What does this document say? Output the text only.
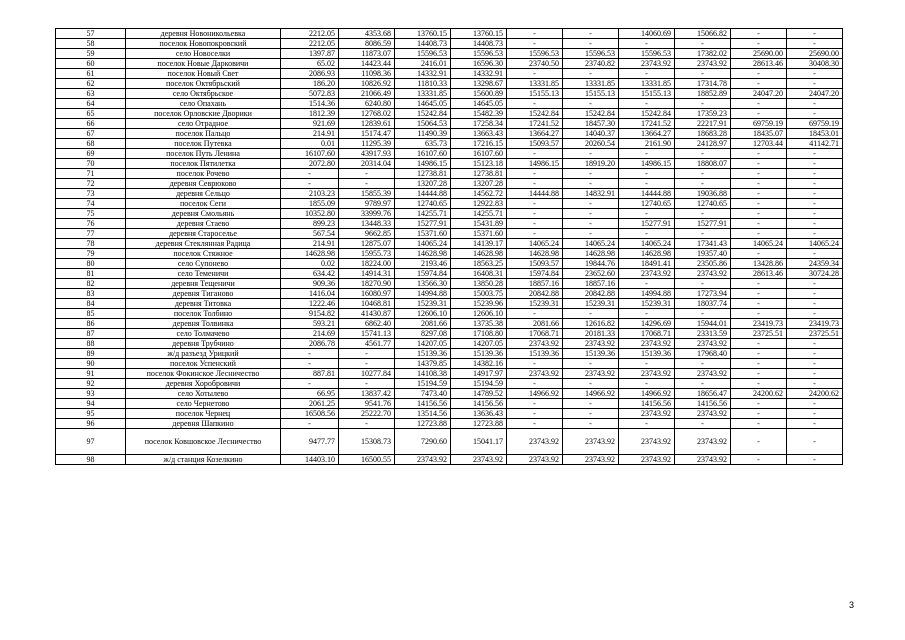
57	деревня Новоникольевка	2212.05	4353.68	13760.15	13760.15	-	-	14060.69	15066.82	-	-
58	поселок Новопокровский	2212.05	8086.59	14408.73	14408.73	-	-	-	-	-	-
59	село Новоселки	1397.87	11873.07	15596.53	15596.53	15596.53	15596.53	15596.53	17382.02	25690.00	25690.00
60	поселок Новые Дарковичи	65.02	14423.44	2416.01	16596.30	23740.50	23740.82	23743.92	23743.92	28613.46	30408.30
61	поселок Новый Свет	2086.93	11098.36	14332.91	14332.91	-	-	-	-	-	-
62	поселок Октябрьский	186.20	10826.92	11810.33	13298.67	13331.85	13331.85	13331.85	17314.78	-	-
63	село Октябрьское	5072.83	21066.49	13331.85	15600.89	15155.13	15155.13	15155.13	18852.89	24047.20	24047.20
64	село Опахань	1514.36	6240.80	14645.05	14645.05	-	-	-	-	-	-
65	поселок Орловские Дворики	1812.39	12768.02	15242.84	15482.39	15242.84	15242.84	15242.84	17359.23	-	-
66	село Отрадное	921.69	12839.61	15064.53	17258.34	17241.52	18457.30	17241.52	22217.91	69759.19	69759.19
67	поселок Пальцо	214.91	15174.47	11490.39	13663.43	13664.27	14040.37	13664.27	18683.28	18435.07	18453.01
68	поселок Путевка	0.01	11295.39	635.73	17216.15	15093.57	20260.54	2161.90	24128.97	12703.44	41142.71
69	поселок Путь Ленина	16107.60	43917.93	16107.60	16107.60	-	-	-	-	-	-
70	поселок Пятилетка	2072.80	20314.04	14986.15	15123.18	14986.15	18919.20	14986.15	18808.07	-	-
71	поселок Рочево	-	-	12738.81	12738.81	-	-	-	-	-	-
72	деревня Севрюково	-	-	13207.28	13207.28	-	-	-	-	-	-
73	деревня Сельцо	2103.23	15855.39	14444.88	14562.72	14444.88	14832.91	14444.88	19036.88	-	-
74	поселок Сеги	1855.09	9789.97	12740.65	12922.83	-	-	12740.65	12740.65	-	-
75	деревня Смольянь	10352.80	33999.76	14255.71	14255.71	-	-	-	-	-	-
76	деревня Стаево	899.23	13448.33	15277.91	15431.89	-	-	15277.91	15277.91	-	-
77	деревня Староселье	567.54	9662.85	15371.60	15371.60	-	-	-	-	-	-
78	деревня Стеклянная Радица	214.91	12875.07	14065.24	14139.17	14065.24	14065.24	14065.24	17341.43	14065.24	14065.24
79	поселок Стяжное	14628.98	15955.73	14628.98	14628.98	14628.98	14628.98	14628.98	19357.40	-	-
80	село Супонево	0.02	18224.00	2193.46	18563.25	15093.57	19844.76	18491.41	23505.86	13428.86	24359.34
81	село Теменичи	634.42	14914.31	15974.84	16408.31	15974.84	23652.60	23743.92	23743.92	28613.46	30724.28
82	деревня Тещеничи	909.36	18270.90	13566.30	13850.28	18857.16	18857.16	-	-	-	-
83	деревня Тиганово	1416.04	16080.97	14994.88	15003.75	20842.88	20842.88	14994.88	17273.94	-	-
84	деревня Титовка	1222.46	10468.81	15239.31	15239.96	15239.31	15239.31	15239.31	18037.74	-	-
85	поселок Толбино	9154.82	41430.87	12606.10	12606.10	-	-	-	-	-	-
86	деревня Толвинка	593.21	6862.40	2081.66	13735.38	2081.66	12616.82	14296.69	15944.01	23419.73	23419.73
87	село Толмачево	214.69	15741.13	8297.08	17108.80	17068.71	20181.33	17068.71	23313.59	23725.51	23725.51
88	деревня Трубчино	2086.78	4561.77	14207.05	14207.05	23743.92	23743.92	23743.92	23743.92	-	-
89	ж/д разъезд Урицкий	-	-	15139.36	15139.36	15139.36	15139.36	15139.36	17968.40	-	-
90	поселок Успенский	-	-	14379.85	14382.16	-	-	-	-	-	-
91	поселок Фокинское Лесничество	887.81	10277.84	14108.38	14917.97	23743.92	23743.92	23743.92	23743.92	-	-
92	деревня Хоробровичи	-	-	15194.59	15194.59	-	-	-	-	-	-
93	село Хотылево	66.95	13837.42	7473.40	14789.52	14966.92	14966.92	14966.92	18656.47	24200.62	24200.62
94	село Чернетово	2061.25	9541.76	14156.56	14156.56	-	-	14156.56	14156.56	-	-
95	поселок Чернец	16508.56	25222.70	13514.56	13636.43	-	-	23743.92	23743.92	-	-
96	деревня Шапкино	-	-	12723.88	12723.88	-	-	-	-	-	-
97	поселок Ковшовское Лесничество	9477.77	15308.73	7290.60	15041.17	23743.92	23743.92	23743.92	23743.92	-	-
98	ж/д станция Козелкино	14403.10	16500.55	23743.92	23743.92	23743.92	23743.92	23743.92	23743.92	-	-
3
